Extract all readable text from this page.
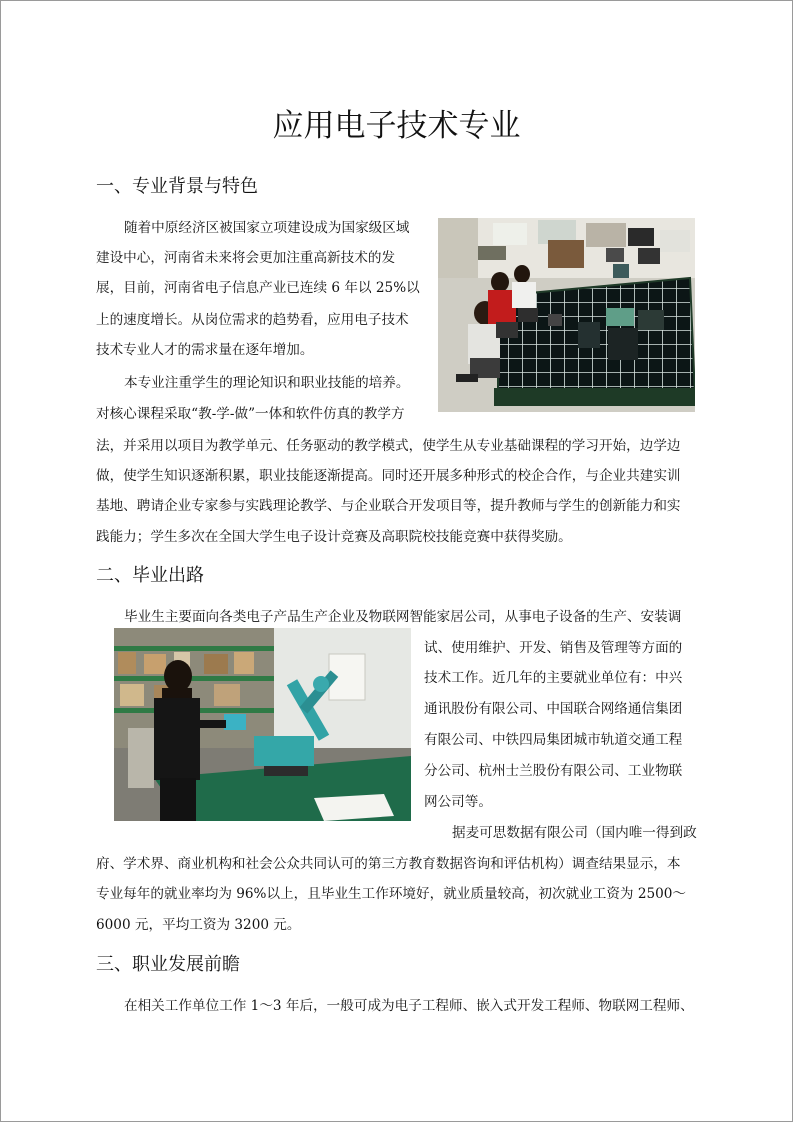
应用电子技术专业
一、专业背景与特色

随着中原经济区被国家立项建设成为国家级区域

建设中心，河南省未来将会更加注重高新技术的发

展，目前，河南省电子信息产业已连续 6 年以 25%以

上的速度增长。从岗位需求的趋势看，应用电子技术

技术专业人才的需求量在逐年增加。

本专业注重学生的理论知识和职业技能的培养。

对核心课程采取“教-学-做”一体和软件仿真的教学方

法，并采用以项目为教学单元、任务驱动的教学模式，使学生从专业基础课程的学习开始，边学边

做，使学生知识逐渐积累，职业技能逐渐提高。同时还开展多种形式的校企合作，与企业共建实训

基地、聘请企业专家参与实践理论教学、与企业联合开发项目等，提升教师与学生的创新能力和实

践能力；学生多次在全国大学生电子设计竞赛及高职院校技能竞赛中获得奖励。

二、毕业出路

毕业生主要面向各类电子产品生产企业及物联网智能家居公司，从事电子设备的生产、安装调

试、使用维护、开发、销售及管理等方面的

技术工作。近几年的主要就业单位有：中兴

通讯股份有限公司、中国联合网络通信集团

有限公司、中铁四局集团城市轨道交通工程

分公司、杭州士兰股份有限公司、工业物联

网公司等。

据麦可思数据有限公司（国内唯一得到政

府、学术界、商业机构和社会公众共同认可的第三方教育数据咨询和评估机构）调查结果显示，本

专业每年的就业率均为 96%以上，且毕业生工作环境好，就业质量较高，初次就业工资为 2500～

6000 元，平均工资为 3200 元。

三、职业发展前瞻

在相关工作单位工作 1～3 年后，一般可成为电子工程师、嵌入式开发工程师、物联网工程师、
